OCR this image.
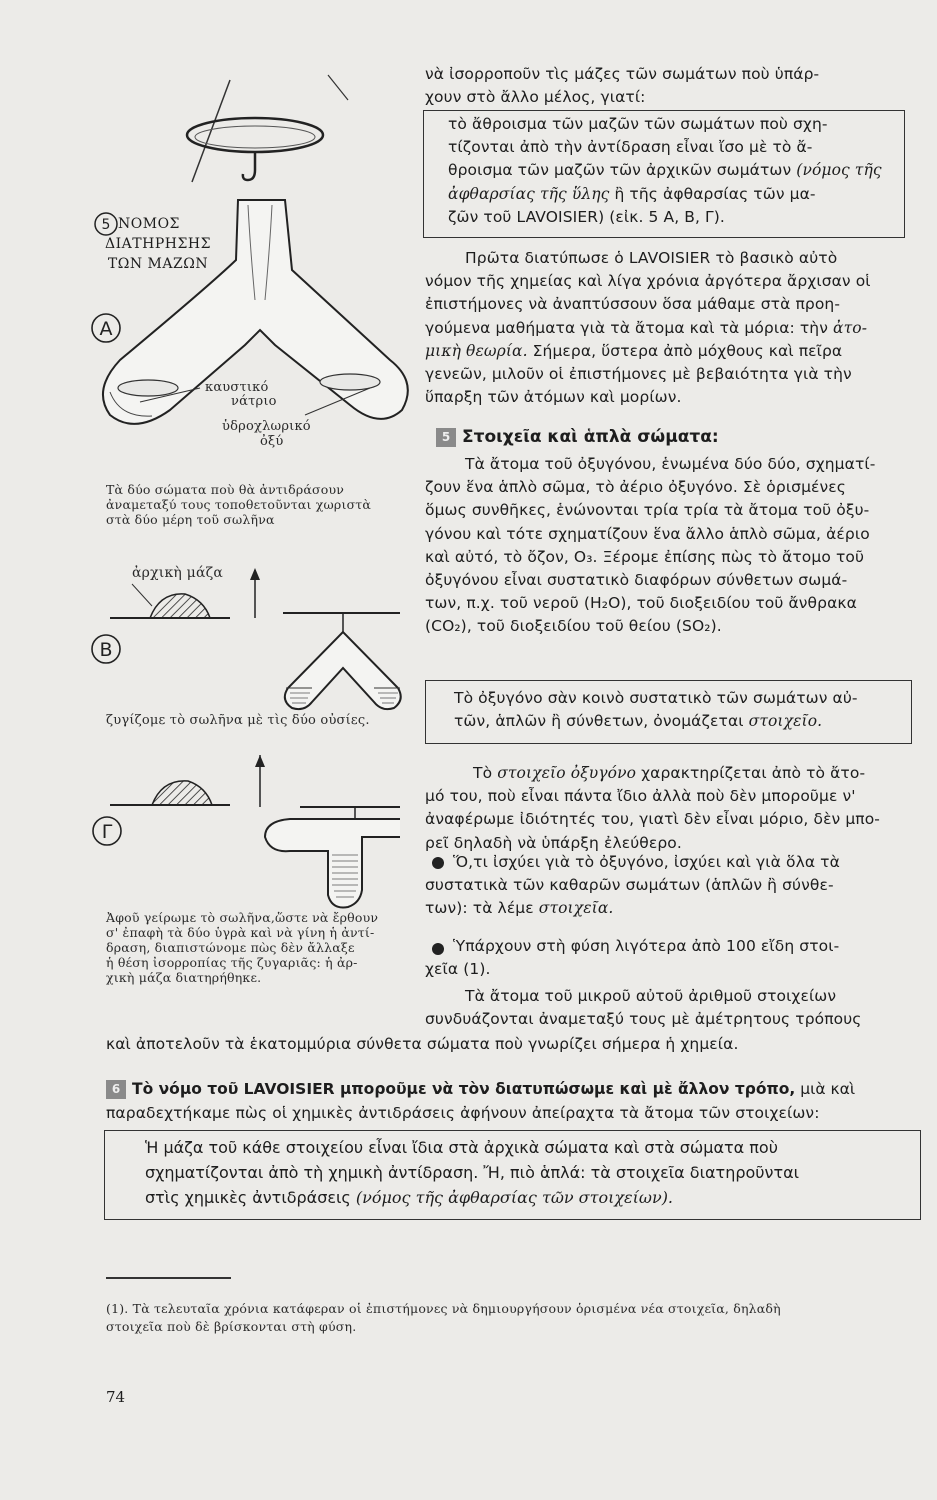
5 ΝΟΜΟΣ
ΔΙΑΤΗΡΗΣΗΣ
ΤΩΝ ΜΑΖΩΝ
A
καυστικό
νάτριο
ὑδροχλωρικό
ὀξύ
Τὰ δύο σώματα ποὺ θὰ ἀντιδράσουν
ἀναμεταξύ τους τοποθετοῦνται χωριστὰ
στὰ δύο μέρη τοῦ σωλῆνα
ἀρχικὴ μάζα
B
ζυγίζομε τὸ σωλῆνα μὲ τὶς δύο οὐσίες.
Γ
Ἀφοῦ γείρωμε τὸ σωλῆνα,ὥστε νὰ ἔρθουν
σ' ἐπαφὴ τὰ δύο ὑγρὰ καὶ νὰ γίνη ἡ ἀντί-
δραση, διαπιστώνομε πὼς δὲν ἄλλαξε
ἡ θέση ἰσορροπίας τῆς ζυγαριᾶς: ἡ ἀρ-
χικὴ μάζα διατηρήθηκε.
νὰ ἰσορροποῦν τὶς μάζες τῶν σωμάτων ποὺ ὑπάρ-
χουν στὸ ἄλλο μέλος, γιατί:
τὸ ἄθροισμα τῶν μαζῶν τῶν σωμάτων ποὺ σχη-
τίζονται ἀπὸ τὴν ἀντίδραση εἶναι ἴσο μὲ τὸ ἄ-
θροισμα τῶν μαζῶν τῶν ἀρχικῶν σωμάτων (νόμος τῆς ἀφθαρσίας τῆς ὕλης ἢ τῆς ἀφθαρσίας τῶν μα-
ζῶν τοῦ LAVOISIER) (εἰκ. 5 A, B, Γ).
Πρῶτα διατύπωσε ὁ LAVOISIER τὸ βασικὸ αὐτὸ
νόμον τῆς χημείας καὶ λίγα χρόνια ἀργότερα ἄρχισαν οἱ
ἐπιστήμονες νὰ ἀναπτύσσουν ὅσα μάθαμε στὰ προη-
γούμενα μαθήματα γιὰ τὰ ἄτομα καὶ τὰ μόρια: τὴν ἀτο-
μικὴ θεωρία. Σήμερα, ὕστερα ἀπὸ μόχθους καὶ πεῖρα
γενεῶν, μιλοῦν οἱ ἐπιστήμονες μὲ βεβαιότητα γιὰ τὴν
ὕπαρξη τῶν ἀτόμων καὶ μορίων.
5 Στοιχεῖα καὶ ἁπλὰ σώματα:
Τὰ ἄτομα τοῦ ὀξυγόνου, ἑνωμένα δύο δύο, σχηματί-
ζουν ἕνα ἁπλὸ σῶμα, τὸ ἀέριο ὀξυγόνο. Σὲ ὁρισμένες
ὅμως συνθῆκες, ἑνώνονται τρία τρία τὰ ἄτομα τοῦ ὀξυ-
γόνου καὶ τότε σχηματίζουν ἕνα ἄλλο ἁπλὸ σῶμα, ἀέριο
καὶ αὐτό, τὸ ὄζον, O₃. Ξέρομε ἐπίσης πὼς τὸ ἄτομο τοῦ
ὀξυγόνου εἶναι συστατικὸ διαφόρων σύνθετων σωμά-
των, π.χ. τοῦ νεροῦ (H₂O), τοῦ διοξειδίου τοῦ ἄνθρακα
(CO₂), τοῦ διοξειδίου τοῦ θείου (SO₂).
Τὸ ὀξυγόνο σὰν κοινὸ συστατικὸ τῶν σωμάτων αὐ-
τῶν, ἁπλῶν ἢ σύνθετων, ὀνομάζεται στοιχεῖο.
Τὸ στοιχεῖο ὀξυγόνο χαρακτηρίζεται ἀπὸ τὸ ἄτο-
μό του, ποὺ εἶναι πάντα ἴδιο ἀλλὰ ποὺ δὲν μποροῦμε ν'
ἀναφέρωμε ἰδιότητές του, γιατὶ δὲν εἶναι μόριο, δὲν μπο-
ρεῖ δηλαδὴ νὰ ὑπάρξη ἐλεύθερο.
Ὅ,τι ἰσχύει γιὰ τὸ ὀξυγόνο, ἰσχύει καὶ γιὰ ὅλα τὰ
συστατικὰ τῶν καθαρῶν σωμάτων (ἁπλῶν ἢ σύνθε-
των): τὰ λέμε στοιχεῖα.
Ὑπάρχουν στὴ φύση λιγότερα ἀπὸ 100 εἴδη στοι-
χεῖα (1).
Τὰ ἄτομα τοῦ μικροῦ αὐτοῦ ἀριθμοῦ στοιχείων
συνδυάζονται ἀναμεταξύ τους μὲ ἀμέτρητους τρόπους
καὶ ἀποτελοῦν τὰ ἑκατομμύρια σύνθετα σώματα ποὺ γνωρίζει σήμερα ἡ χημεία.
6 Τὸ νόμο τοῦ LAVOISIER μποροῦμε νὰ τὸν διατυπώσωμε καὶ μὲ ἄλλον τρόπο, μιὰ καὶ
παραδεχτήκαμε πὼς οἱ χημικὲς ἀντιδράσεις ἀφήνουν ἀπείραχτα τὰ ἄτομα τῶν στοιχείων:
Ἡ μάζα τοῦ κάθε στοιχείου εἶναι ἴδια στὰ ἀρχικὰ σώματα καὶ στὰ σώματα ποὺ
σχηματίζονται ἀπὸ τὴ χημικὴ ἀντίδραση. Ἤ, πιὸ ἁπλά: τὰ στοιχεῖα διατηροῦνται
στὶς χημικὲς ἀντιδράσεις (νόμος τῆς ἀφθαρσίας τῶν στοιχείων).
(1). Τὰ τελευταῖα χρόνια κατάφεραν οἱ ἐπιστήμονες νὰ δημιουργήσουν ὁρισμένα νέα στοιχεῖα, δηλαδὴ
στοιχεῖα ποὺ δὲ βρίσκονται στὴ φύση.
74
